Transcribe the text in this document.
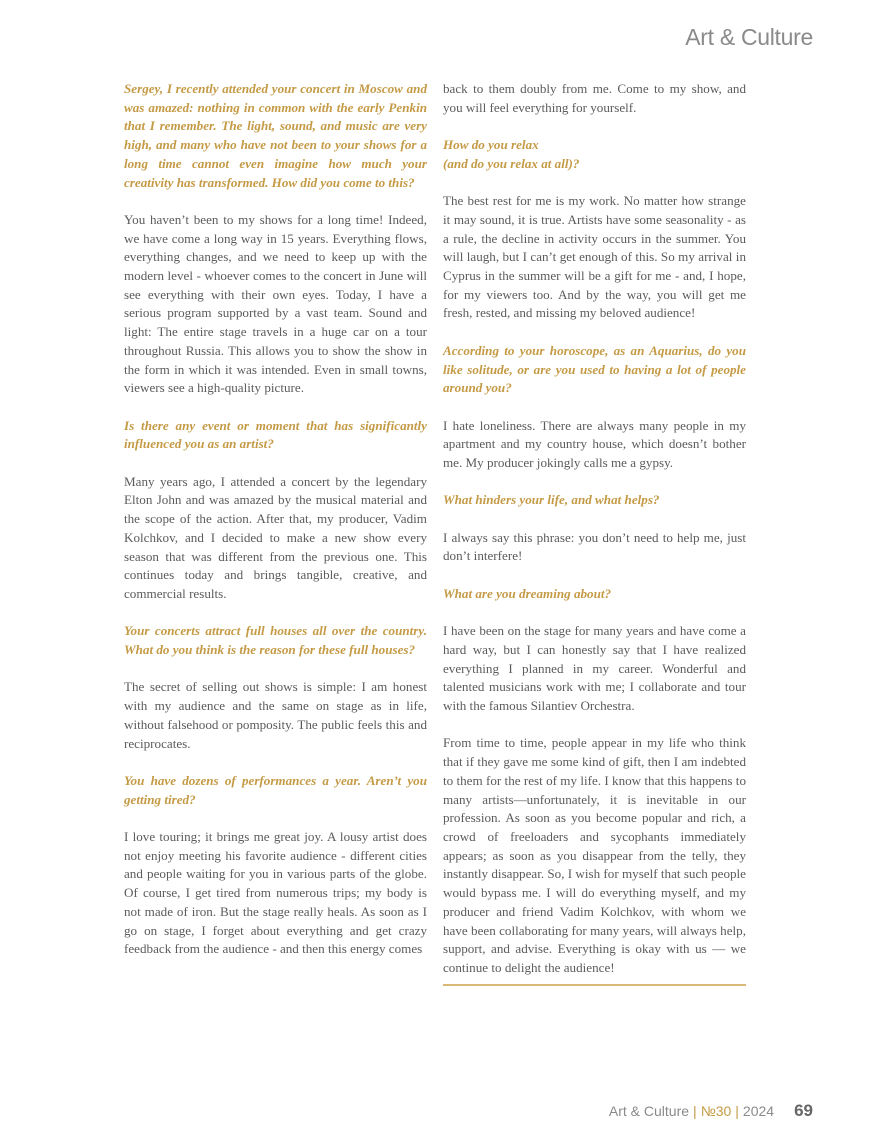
Art & Culture

Sergey, I recently attended your concert in Moscow and was amazed: nothing in common with the early Penkin that I remember. The light, sound, and music are very high, and many who have not been to your shows for a long time cannot even imagine how much your creativity has transformed. How did you come to this?

You haven’t been to my shows for a long time! Indeed, we have come a long way in 15 years. Everything flows, everything changes, and we need to keep up with the modern level - whoever comes to the concert in June will see everything with their own eyes. Today, I have a serious program supported by a vast team. Sound and light: The entire stage travels in a huge car on a tour throughout Russia. This allows you to show the show in the form in which it was intended. Even in small towns, viewers see a high-quality picture.

Is there any event or moment that has significantly influenced you as an artist?

Many years ago, I attended a concert by the legendary Elton John and was amazed by the musical material and the scope of the action. After that, my producer, Vadim Kolchkov, and I decided to make a new show every season that was different from the previous one. This continues today and brings tangible, creative, and commercial results.

Your concerts attract full houses all over the country. What do you think is the reason for these full houses?

The secret of selling out shows is simple: I am honest with my audience and the same on stage as in life, without falsehood or pomposity. The public feels this and reciprocates.

You have dozens of performances a year. Aren’t you getting tired?

I love touring; it brings me great joy. A lousy artist does not enjoy meeting his favorite audience - different cities and people waiting for you in various parts of the globe. Of course, I get tired from numerous trips; my body is not made of iron. But the stage really heals. As soon as I go on stage, I forget about everything and get crazy feedback from the audience - and then this energy comes

back to them doubly from me. Come to my show, and you will feel everything for yourself.

How do you relax
(and do you relax at all)?

The best rest for me is my work. No matter how strange it may sound, it is true. Artists have some seasonality - as a rule, the decline in activity occurs in the summer. You will laugh, but I can’t get enough of this. So my arrival in Cyprus in the summer will be a gift for me - and, I hope, for my viewers too. And by the way, you will get me fresh, rested, and missing my beloved audience!

According to your horoscope, as an Aquarius, do you like solitude, or are you used to having a lot of people around you?

I hate loneliness. There are always many people in my apartment and my country house, which doesn’t bother me. My producer jokingly calls me a gypsy.

What hinders your life, and what helps?

I always say this phrase: you don’t need to help me, just don’t interfere!

What are you dreaming about?

I have been on the stage for many years and have come a hard way, but I can honestly say that I have realized everything I planned in my career. Wonderful and talented musicians work with me; I collaborate and tour with the famous Silantiev Orchestra.

From time to time, people appear in my life who think that if they gave me some kind of gift, then I am indebted to them for the rest of my life. I know that this happens to many artists—unfortunately, it is inevitable in our profession. As soon as you become popular and rich, a crowd of freeloaders and sycophants immediately appears; as soon as you disappear from the telly, they instantly disappear. So, I wish for myself that such people would bypass me. I will do everything myself, and my producer and friend Vadim Kolchkov, with whom we have been collaborating for many years, will always help, support, and advise. Everything is okay with us — we continue to delight the audience!

Art & Culture | №30 | 2024 69
